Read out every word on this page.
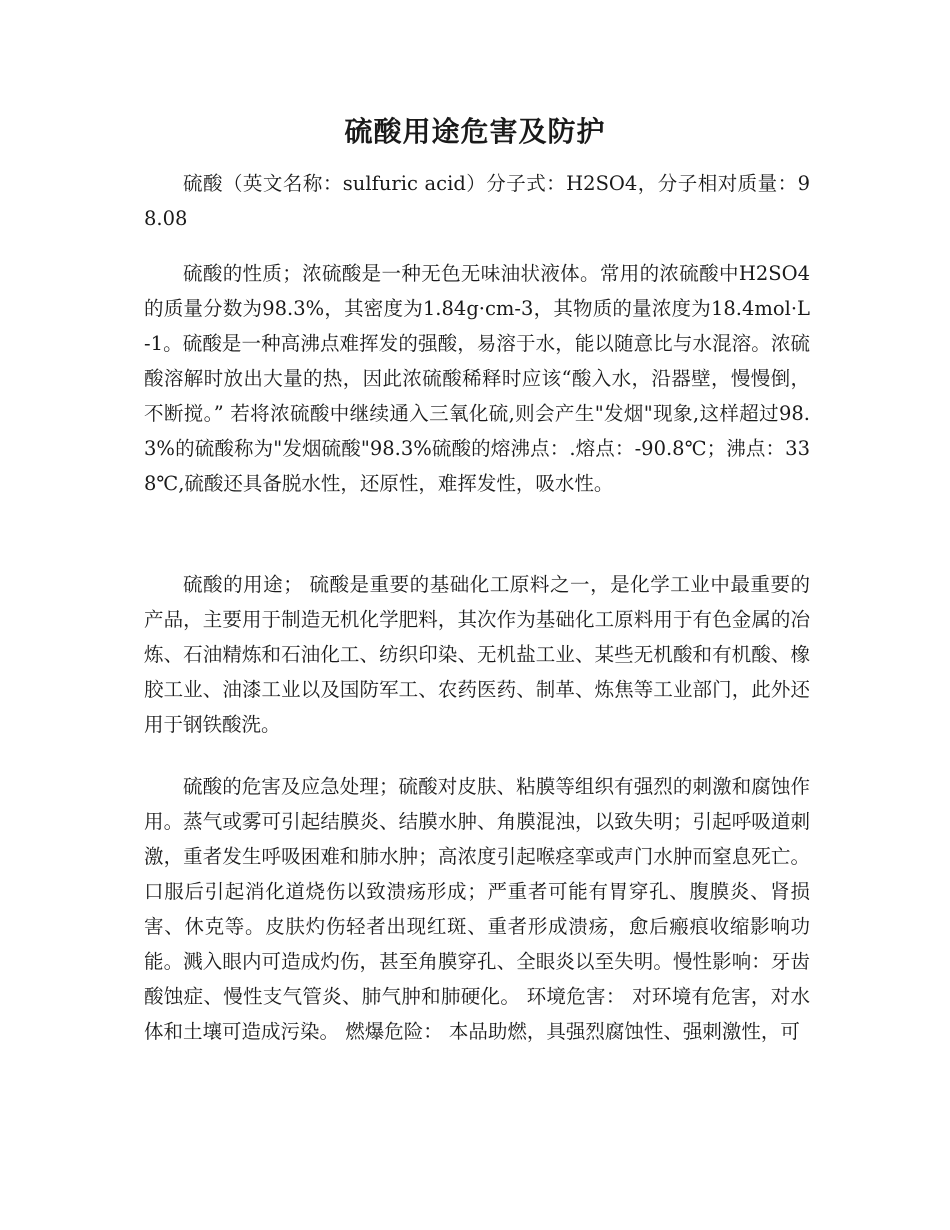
硫酸用途危害及防护

硫酸（英文名称：sulfuric acid）分子式：H2SO4，分子相对质量：98.08

硫酸的性质；浓硫酸是一种无色无味油状液体。常用的浓硫酸中H2SO4的质量分数为98.3%，其密度为1.84g·cm-3，其物质的量浓度为18.4mol·L-1。硫酸是一种高沸点难挥发的强酸，易溶于水，能以随意比与水混溶。浓硫酸溶解时放出大量的热，因此浓硫酸稀释时应该“酸入水，沿器壁，慢慢倒，不断搅。” 若将浓硫酸中继续通入三氧化硫,则会产生"发烟"现象,这样超过98.3%的硫酸称为"发烟硫酸"98.3%硫酸的熔沸点：.熔点：-90.8℃；沸点：338℃,硫酸还具备脱水性，还原性，难挥发性，吸水性。

硫酸的用途； 硫酸是重要的基础化工原料之一，是化学工业中最重要的产品，主要用于制造无机化学肥料，其次作为基础化工原料用于有色金属的冶炼、石油精炼和石油化工、纺织印染、无机盐工业、某些无机酸和有机酸、橡胶工业、油漆工业以及国防军工、农药医药、制革、炼焦等工业部门，此外还用于钢铁酸洗。

硫酸的危害及应急处理；硫酸对皮肤、粘膜等组织有强烈的刺激和腐蚀作用。蒸气或雾可引起结膜炎、结膜水肿、角膜混浊，以致失明；引起呼吸道刺激，重者发生呼吸困难和肺水肿；高浓度引起喉痉挛或声门水肿而窒息死亡。口服后引起消化道烧伤以致溃疡形成；严重者可能有胃穿孔、腹膜炎、肾损害、休克等。皮肤灼伤轻者出现红斑、重者形成溃疡，愈后瘢痕收缩影响功能。溅入眼内可造成灼伤，甚至角膜穿孔、全眼炎以至失明。慢性影响：牙齿酸蚀症、慢性支气管炎、肺气肿和肺硬化。 环境危害： 对环境有危害，对水体和土壤可造成污染。 燃爆危险： 本品助燃，具强烈腐蚀性、强刺激性，可
